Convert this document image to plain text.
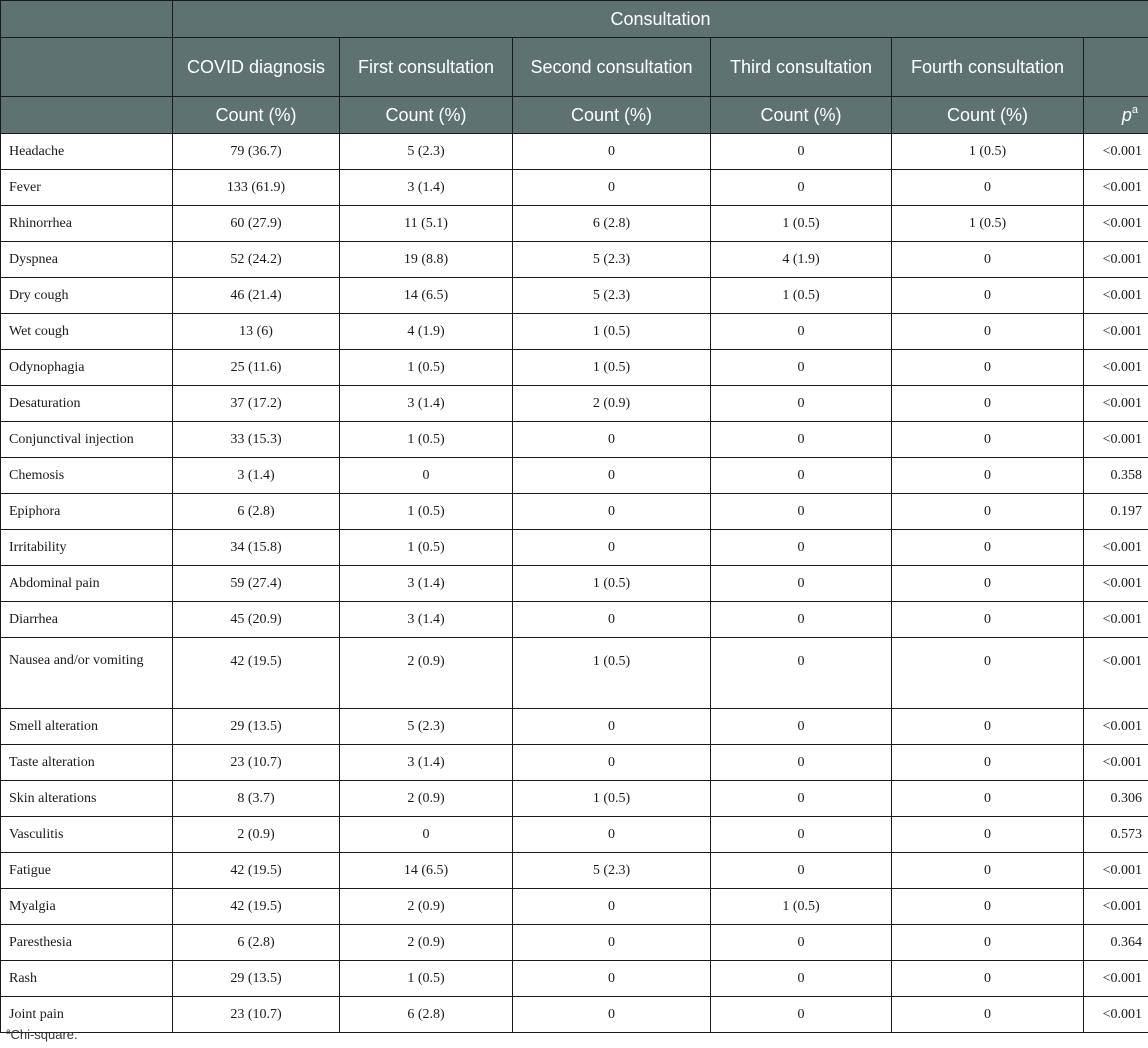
	Consultation					
	COVID diagnosis	First consultation	Second consultation	Third consultation	Fourth consultation	
	Count (%)	Count (%)	Count (%)	Count (%)	Count (%)	$p^a$
Headache	79 (36.7)	5 (2.3)	0	0	1 (0.5)	<0.001
Fever	133 (61.9)	3 (1.4)	0	0	0	<0.001
Rhinorrhea	60 (27.9)	11 (5.1)	6 (2.8)	1 (0.5)	1 (0.5)	<0.001
Dyspnea	52 (24.2)	19 (8.8)	5 (2.3)	4 (1.9)	0	<0.001
Dry cough	46 (21.4)	14 (6.5)	5 (2.3)	1 (0.5)	0	<0.001
Wet cough	13 (6)	4 (1.9)	1 (0.5)	0	0	<0.001
Odynophagia	25 (11.6)	1 (0.5)	1 (0.5)	0	0	<0.001
Desaturation	37 (17.2)	3 (1.4)	2 (0.9)	0	0	<0.001
Conjunctival injection	33 (15.3)	1 (0.5)	0	0	0	<0.001
Chemosis	3 (1.4)	0	0	0	0	0.358
Epiphora	6 (2.8)	1 (0.5)	0	0	0	0.197
Irritability	34 (15.8)	1 (0.5)	0	0	0	<0.001
Abdominal pain	59 (27.4)	3 (1.4)	1 (0.5)	0	0	<0.001
Diarrhea	45 (20.9)	3 (1.4)	0	0	0	<0.001
Nausea and/or vomiting	42 (19.5)	2 (0.9)	1 (0.5)	0	0	<0.001
Smell alteration	29 (13.5)	5 (2.3)	0	0	0	<0.001
Taste alteration	23 (10.7)	3 (1.4)	0	0	0	<0.001
Skin alterations	8 (3.7)	2 (0.9)	1 (0.5)	0	0	0.306
Vasculitis	2 (0.9)	0	0	0	0	0.573
Fatigue	42 (19.5)	14 (6.5)	5 (2.3)	0	0	<0.001
Myalgia	42 (19.5)	2 (0.9)	0	1 (0.5)	0	<0.001
Paresthesia	6 (2.8)	2 (0.9)	0	0	0	0.364
Rash	29 (13.5)	1 (0.5)	0	0	0	<0.001
Joint pain	23 (10.7)	6 (2.8)	0	0	0	<0.001
$^a$Chi-square.
